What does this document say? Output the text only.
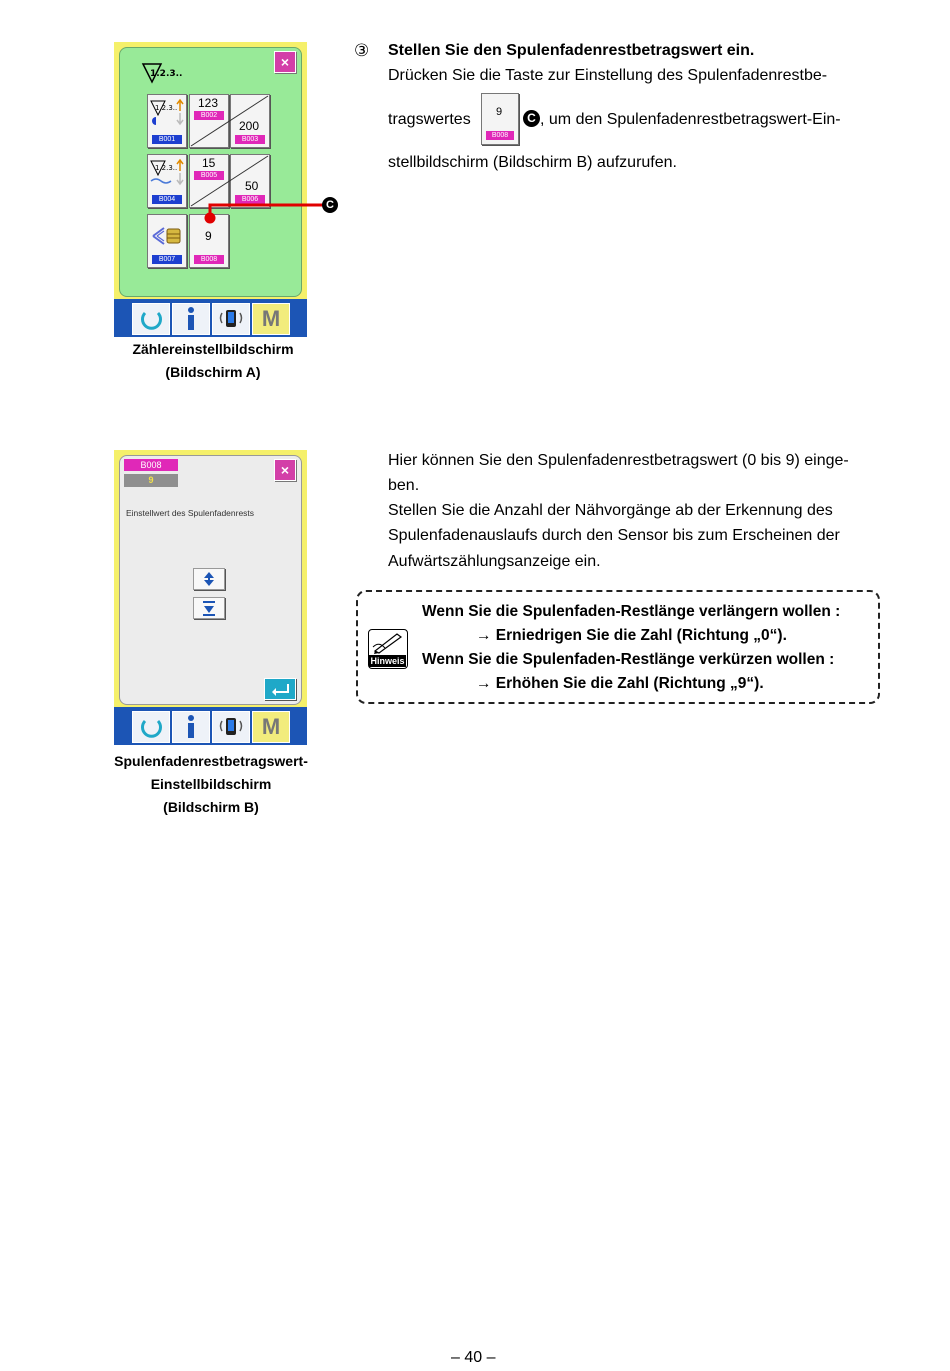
1.2.3..
×
1.2.3..
B001
123
B002
200
B003
1.2.3..
B004
15
B005
50
B006
B007
9
B008
M
C
Zählereinstellbildschirm
(Bildschirm A)
B008
9
×
Einstellwert des Spulenfadenrests
M
Spulenfadenrestbetragswert-
Einstellbildschirm
(Bildschirm B)
③ Stellen Sie den Spulenfadenrestbetragswert ein.
Drücken Sie die Taste zur Einstellung des Spulenfadenrestbe-
tragswertes 9
B008
C , um den Spulenfadenrestbetragswert-Ein-
stellbildschirm (Bildschirm B) aufzurufen.
Hier können Sie den Spulenfadenrestbetragswert (0 bis 9) einge-
ben.
Stellen Sie die Anzahl der Nähvorgänge ab der Erkennung des
Spulenfadenauslaufs durch den Sensor bis zum Erscheinen der
Aufwärtszählungsanzeige ein.
Hinweis
Wenn Sie die Spulenfaden-Restlänge verlängern wollen :
→ Erniedrigen Sie die Zahl (Richtung „0“).
Wenn Sie die Spulenfaden-Restlänge verkürzen wollen :
→ Erhöhen Sie die Zahl (Richtung „9“).
– 40 –
